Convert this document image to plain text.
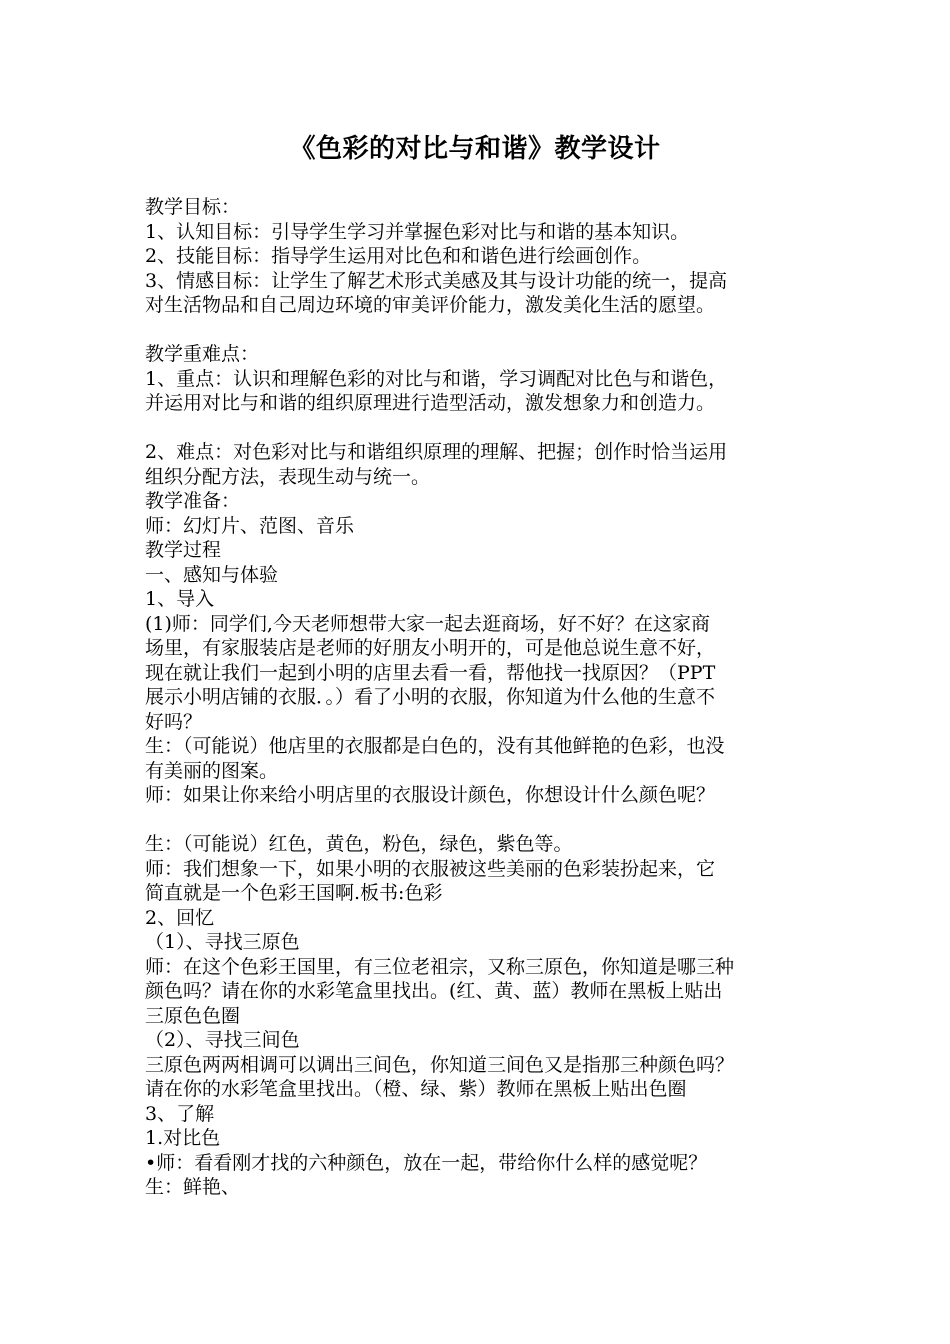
《色彩的对比与和谐》教学设计
教学目标：
1、认知目标：引导学生学习并掌握色彩对比与和谐的基本知识。
2、技能目标：指导学生运用对比色和和谐色进行绘画创作。
3、情感目标：让学生了解艺术形式美感及其与设计功能的统一，提高
对生活物品和自己周边环境的审美评价能力，激发美化生活的愿望。
教学重难点：
1、重点：认识和理解色彩的对比与和谐，学习调配对比色与和谐色，
并运用对比与和谐的组织原理进行造型活动，激发想象力和创造力。
2、难点：对色彩对比与和谐组织原理的理解、把握；创作时恰当运用
组织分配方法，表现生动与统一。
教学准备：
师：幻灯片、范图、音乐
教学过程
一、感知与体验
1、导入
(1)师：同学们,今天老师想带大家一起去逛商场，好不好？在这家商
场里，有家服装店是老师的好朋友小明开的，可是他总说生意不好，
现在就让我们一起到小明的店里去看一看，帮他找一找原因？（PPT
展示小明店铺的衣服．。）看了小明的衣服，你知道为什么他的生意不
好吗？
生：（可能说）他店里的衣服都是白色的，没有其他鲜艳的色彩，也没
有美丽的图案。
师：如果让你来给小明店里的衣服设计颜色，你想设计什么颜色呢？
生：（可能说）红色，黄色，粉色，绿色，紫色等。
师：我们想象一下，如果小明的衣服被这些美丽的色彩装扮起来，它
简直就是一个色彩王国啊.板书:色彩
2、回忆
（1）、寻找三原色
师：在这个色彩王国里，有三位老祖宗，又称三原色，你知道是哪三种
颜色吗？请在你的水彩笔盒里找出。(红、黄、蓝）教师在黑板上贴出
三原色色圈
（2）、寻找三间色
三原色两两相调可以调出三间色，你知道三间色又是指那三种颜色吗？
请在你的水彩笔盒里找出。（橙、绿、紫）教师在黑板上贴出色圈
3、了解
1.对比色
•师：看看刚才找的六种颜色，放在一起，带给你什么样的感觉呢？
生：鲜艳、
